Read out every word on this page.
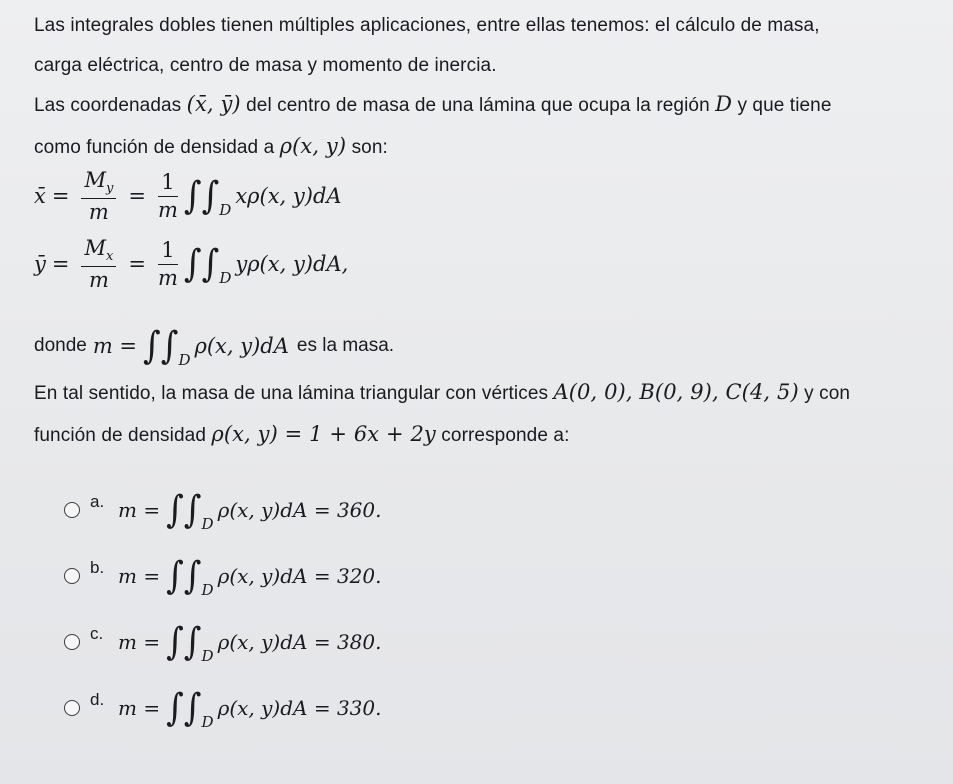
Las integrales dobles tienen múltiples aplicaciones, entre ellas tenemos: el cálculo de masa,
carga eléctrica, centro de masa y momento de inercia.

Las coordenadas (x̄, ȳ) del centro de masa de una lámina que ocupa la región D y que tiene
como función de densidad a ρ(x, y) son:

x̄ = $\frac{M_y}{m} = \frac{1}{m}$ ∫∫ D
xρ(x, y)dA
ȳ = $\frac{M_x}{m} = \frac{1}{m}$ ∫∫ D
yρ(x, y)dA,
donde m = ∫∫ D
ρ(x, y)dA es la masa.

En tal sentido, la masa de una lámina triangular con vértices A(0, 0), B(0, 9), C(4, 5) y con
función de densidad ρ(x, y) = 1 + 6x + 2y corresponde a:

a. m = ∫∫ D
ρ(x, y)dA = 360.
b. m = ∫∫ D
ρ(x, y)dA = 320.
c. m = ∫∫ D
ρ(x, y)dA = 380.
d. m = ∫∫ D
ρ(x, y)dA = 330.
